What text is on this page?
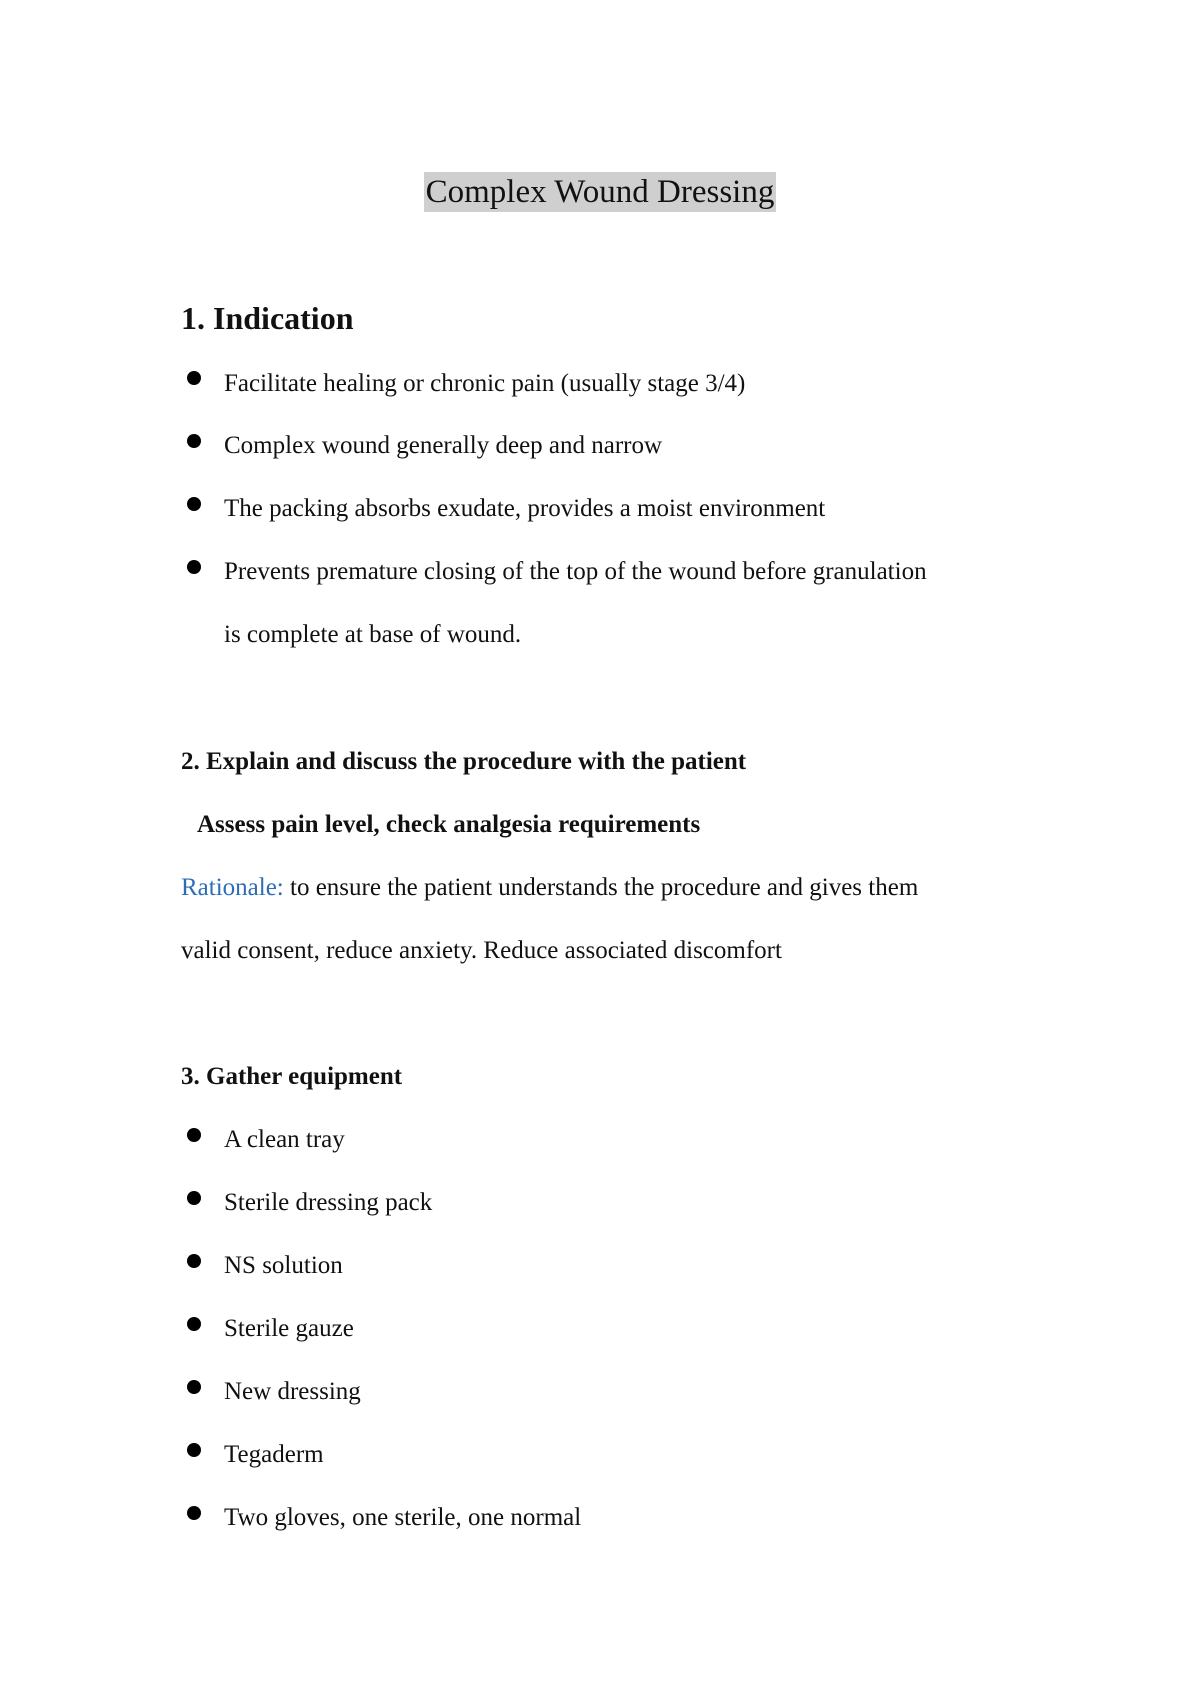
Complex Wound Dressing
1. Indication
Facilitate healing or chronic pain (usually stage 3/4)
Complex wound generally deep and narrow
The packing absorbs exudate, provides a moist environment
Prevents premature closing of the top of the wound before granulation
is complete at base of wound.
2. Explain and discuss the procedure with the patient
Assess pain level, check analgesia requirements
Rationale: to ensure the patient understands the procedure and gives them
valid consent, reduce anxiety. Reduce associated discomfort
3. Gather equipment
A clean tray
Sterile dressing pack
NS solution
Sterile gauze
New dressing
Tegaderm
Two gloves, one sterile, one normal
